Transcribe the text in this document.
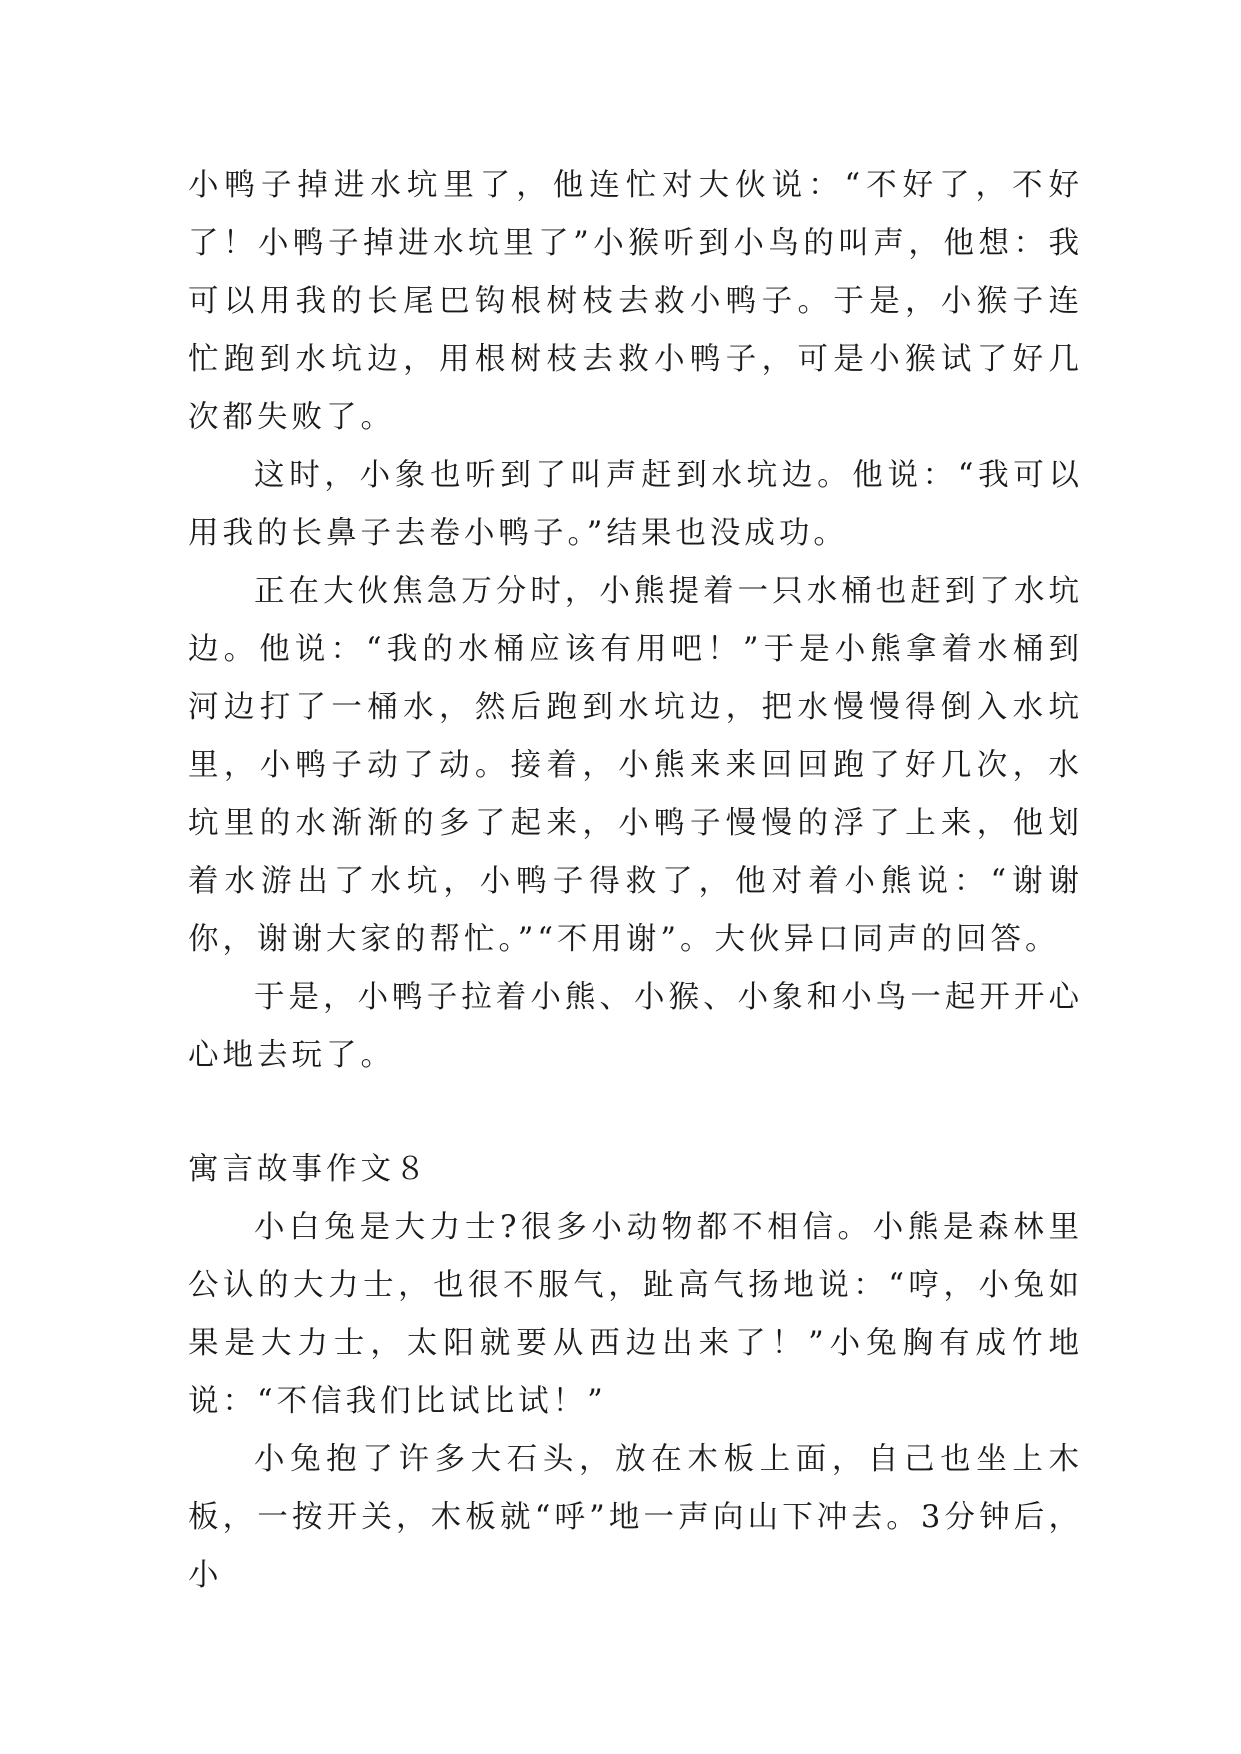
小鸭子掉进水坑里了，他连忙对大伙说：“不好了，不好了！小鸭子掉进水坑里了”小猴听到小鸟的叫声，他想：我可以用我的长尾巴钩根树枝去救小鸭子。于是，小猴子连忙跑到水坑边，用根树枝去救小鸭子，可是小猴试了好几次都失败了。

这时，小象也听到了叫声赶到水坑边。他说：“我可以用我的长鼻子去卷小鸭子。”结果也没成功。

正在大伙焦急万分时，小熊提着一只水桶也赶到了水坑边。他说：“我的水桶应该有用吧！”于是小熊拿着水桶到河边打了一桶水，然后跑到水坑边，把水慢慢得倒入水坑里，小鸭子动了动。接着，小熊来来回回跑了好几次，水坑里的水渐渐的多了起来，小鸭子慢慢的浮了上来，他划着水游出了水坑，小鸭子得救了，他对着小熊说：“谢谢你，谢谢大家的帮忙。”“不用谢”。大伙异口同声的回答。

于是，小鸭子拉着小熊、小猴、小象和小鸟一起开开心心地去玩了。

寓言故事作文８

小白兔是大力士?很多小动物都不相信。小熊是森林里公认的大力士，也很不服气，趾高气扬地说：“哼，小兔如果是大力士，太阳就要从西边出来了！”小兔胸有成竹地说：“不信我们比试比试！”

小兔抱了许多大石头，放在木板上面，自己也坐上木板，一按开关，木板就“呼”地一声向山下冲去。3分钟后，小
